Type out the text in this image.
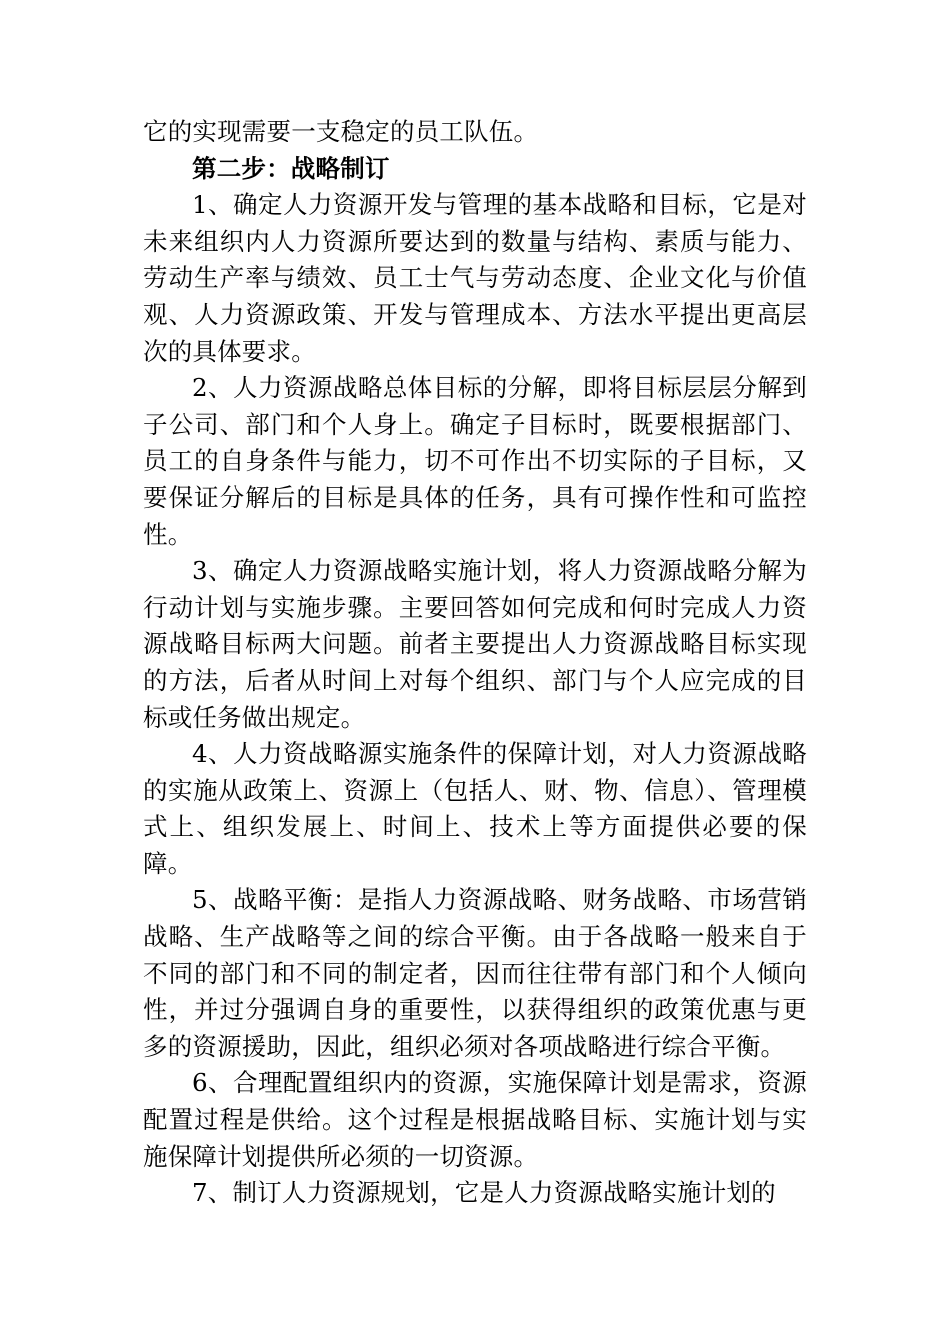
它的实现需要一支稳定的员工队伍。

第二步：战略制订

1、确定人力资源开发与管理的基本战略和目标，它是对未来组织内人力资源所要达到的数量与结构、素质与能力、劳动生产率与绩效、员工士气与劳动态度、企业文化与价值观、人力资源政策、开发与管理成本、方法水平提出更高层次的具体要求。

2、人力资源战略总体目标的分解，即将目标层层分解到子公司、部门和个人身上。确定子目标时，既要根据部门、员工的自身条件与能力，切不可作出不切实际的子目标，又要保证分解后的目标是具体的任务，具有可操作性和可监控性。

3、确定人力资源战略实施计划，将人力资源战略分解为行动计划与实施步骤。主要回答如何完成和何时完成人力资源战略目标两大问题。前者主要提出人力资源战略目标实现的方法，后者从时间上对每个组织、部门与个人应完成的目标或任务做出规定。

4、人力资战略源实施条件的保障计划，对人力资源战略的实施从政策上、资源上（包括人、财、物、信息）、管理模式上、组织发展上、时间上、技术上等方面提供必要的保障。

5、战略平衡：是指人力资源战略、财务战略、市场营销战略、生产战略等之间的综合平衡。由于各战略一般来自于不同的部门和不同的制定者，因而往往带有部门和个人倾向性，并过分强调自身的重要性，以获得组织的政策优惠与更多的资源援助，因此，组织必须对各项战略进行综合平衡。

6、合理配置组织内的资源，实施保障计划是需求，资源配置过程是供给。这个过程是根据战略目标、实施计划与实施保障计划提供所必须的一切资源。

7、制订人力资源规划，它是人力资源战略实施计划的
